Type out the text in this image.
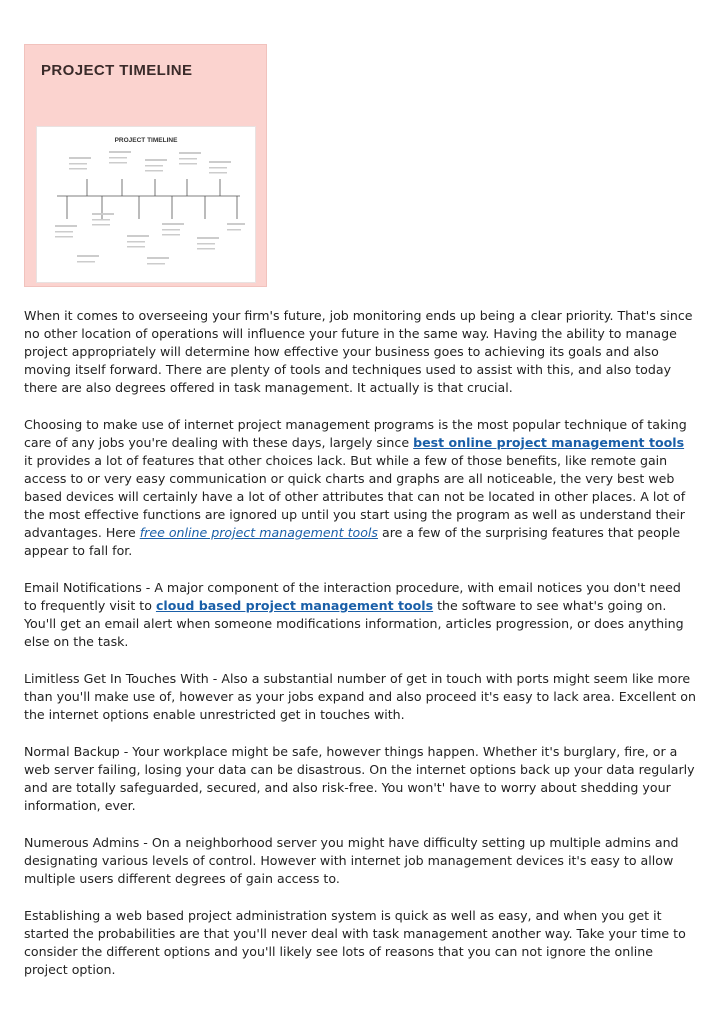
PROJECT TIMELINE
PROJECT TIMELINE

When it comes to overseeing your firm's future, job monitoring ends up being a clear priority. That's since no other location of operations will influence your future in the same way. Having the ability to manage project appropriately will determine how effective your business goes to achieving its goals and also moving itself forward. There are plenty of tools and techniques used to assist with this, and also today there are also degrees offered in task management. It actually is that crucial.

Choosing to make use of internet project management programs is the most popular technique of taking care of any jobs you're dealing with these days, largely since best online project management tools it provides a lot of features that other choices lack. But while a few of those benefits, like remote gain access to or very easy communication or quick charts and graphs are all noticeable, the very best web based devices will certainly have a lot of other attributes that can not be located in other places. A lot of the most effective functions are ignored up until you start using the program as well as understand their advantages. Here free online project management tools are a few of the surprising features that people appear to fall for.

Email Notifications - A major component of the interaction procedure, with email notices you don't need to frequently visit to cloud based project management tools the software to see what's going on. You'll get an email alert when someone modifications information, articles progression, or does anything else on the task.

Limitless Get In Touches With - Also a substantial number of get in touch with ports might seem like more than you'll make use of, however as your jobs expand and also proceed it's easy to lack area. Excellent on the internet options enable unrestricted get in touches with.

Normal Backup - Your workplace might be safe, however things happen. Whether it's burglary, fire, or a web server failing, losing your data can be disastrous. On the internet options back up your data regularly and are totally safeguarded, secured, and also risk-free. You won't' have to worry about shedding your information, ever.

Numerous Admins - On a neighborhood server you might have difficulty setting up multiple admins and designating various levels of control. However with internet job management devices it's easy to allow multiple users different degrees of gain access to.

Establishing a web based project administration system is quick as well as easy, and when you get it started the probabilities are that you'll never deal with task management another way. Take your time to consider the different options and you'll likely see lots of reasons that you can not ignore the online project option.
